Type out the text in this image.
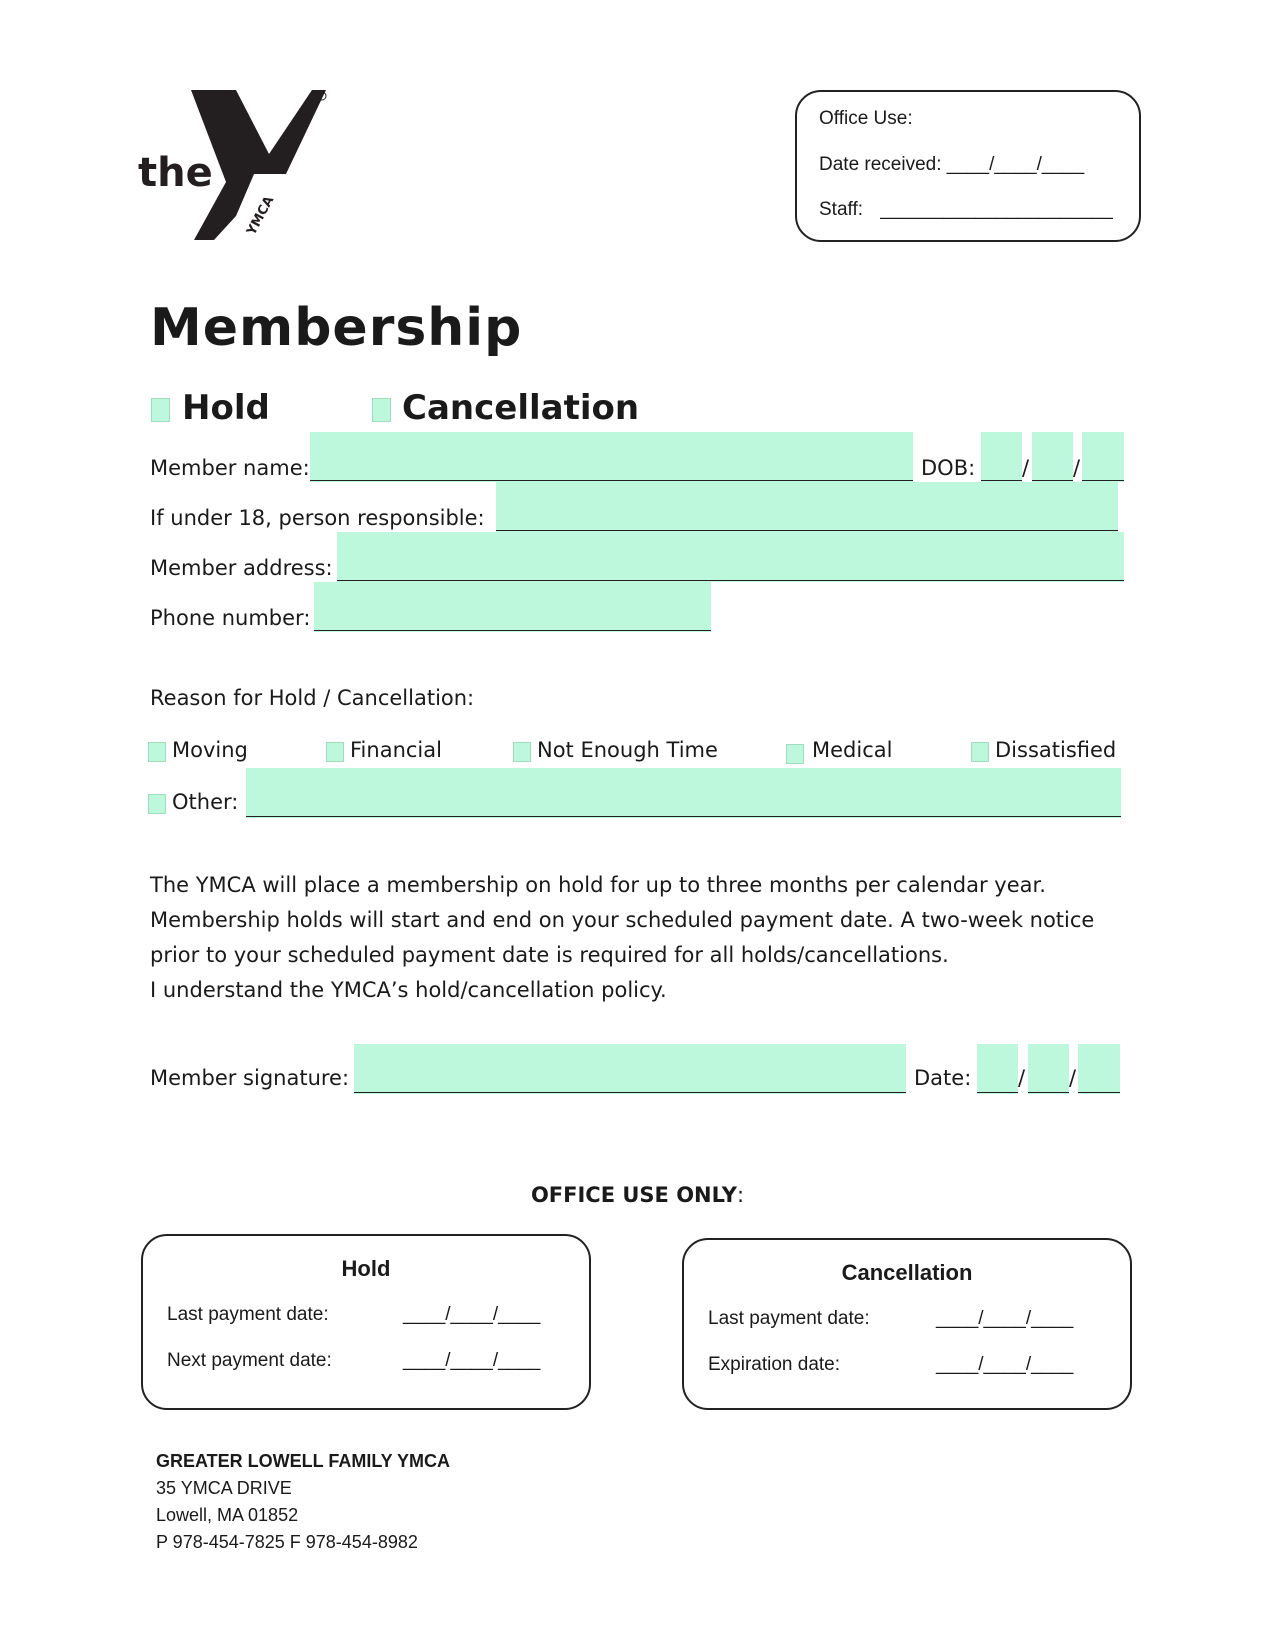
the
YMCA
Office Use:
Date received: ____/____/____
Staff: ______________________
Membership
Hold	Cancellation
Member name:	DOB: / /
If under 18, person responsible:
Member address:
Phone number:
Reason for Hold / Cancellation:
Moving	Financial	Not Enough Time	Medical	Dissatisfied
Other:
The YMCA will place a membership on hold for up to three months per calendar year.
Membership holds will start and end on your scheduled payment date. A two-week notice
prior to your scheduled payment date is required for all holds/cancellations.
I understand the YMCA’s hold/cancellation policy.
Member signature:	Date: / /
OFFICE USE ONLY:
Hold
Last payment date:	____/____/____
Next payment date:	____/____/____
Cancellation
Last payment date:	____/____/____
Expiration date:	____/____/____
GREATER LOWELL FAMILY YMCA
35 YMCA DRIVE
Lowell, MA 01852
P 978-454-7825 F 978-454-8982
